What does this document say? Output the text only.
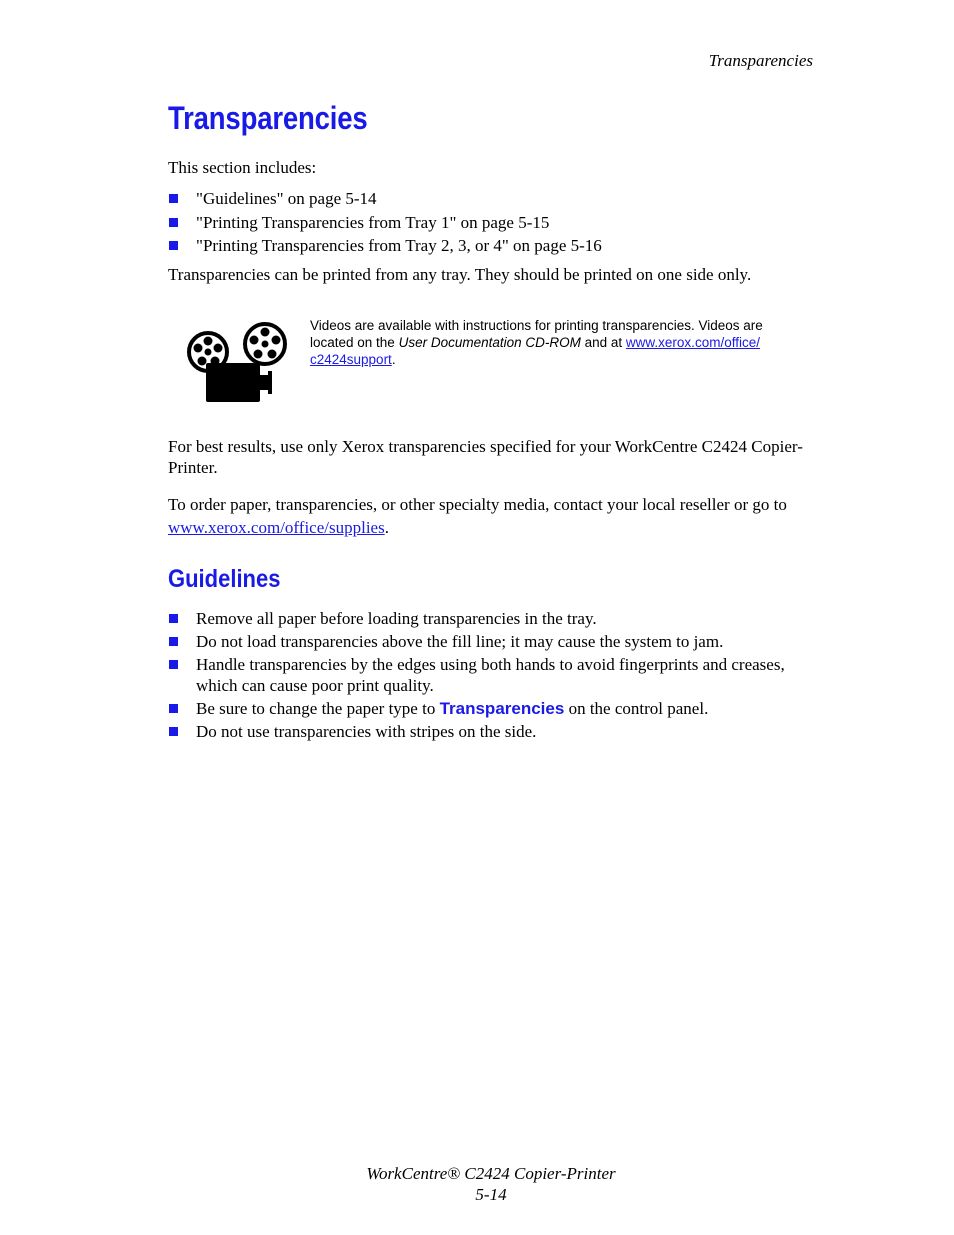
Transparencies
Transparencies
This section includes:
"Guidelines" on page 5-14
"Printing Transparencies from Tray 1" on page 5-15
"Printing Transparencies from Tray 2, 3, or 4" on page 5-16
Transparencies can be printed from any tray. They should be printed on one side only.
Videos are available with instructions for printing transparencies. Videos are located on the User Documentation CD-ROM and at www.xerox.com/office/
c2424support.
For best results, use only Xerox transparencies specified for your WorkCentre C2424 Copier-Printer.
To order paper, transparencies, or other specialty media, contact your local reseller or go to www.xerox.com/office/supplies.
Guidelines
Remove all paper before loading transparencies in the tray.
Do not load transparencies above the fill line; it may cause the system to jam.
Handle transparencies by the edges using both hands to avoid fingerprints and creases, which can cause poor print quality.
Be sure to change the paper type to Transparencies on the control panel.
Do not use transparencies with stripes on the side.
WorkCentre® C2424 Copier-Printer
5-14
